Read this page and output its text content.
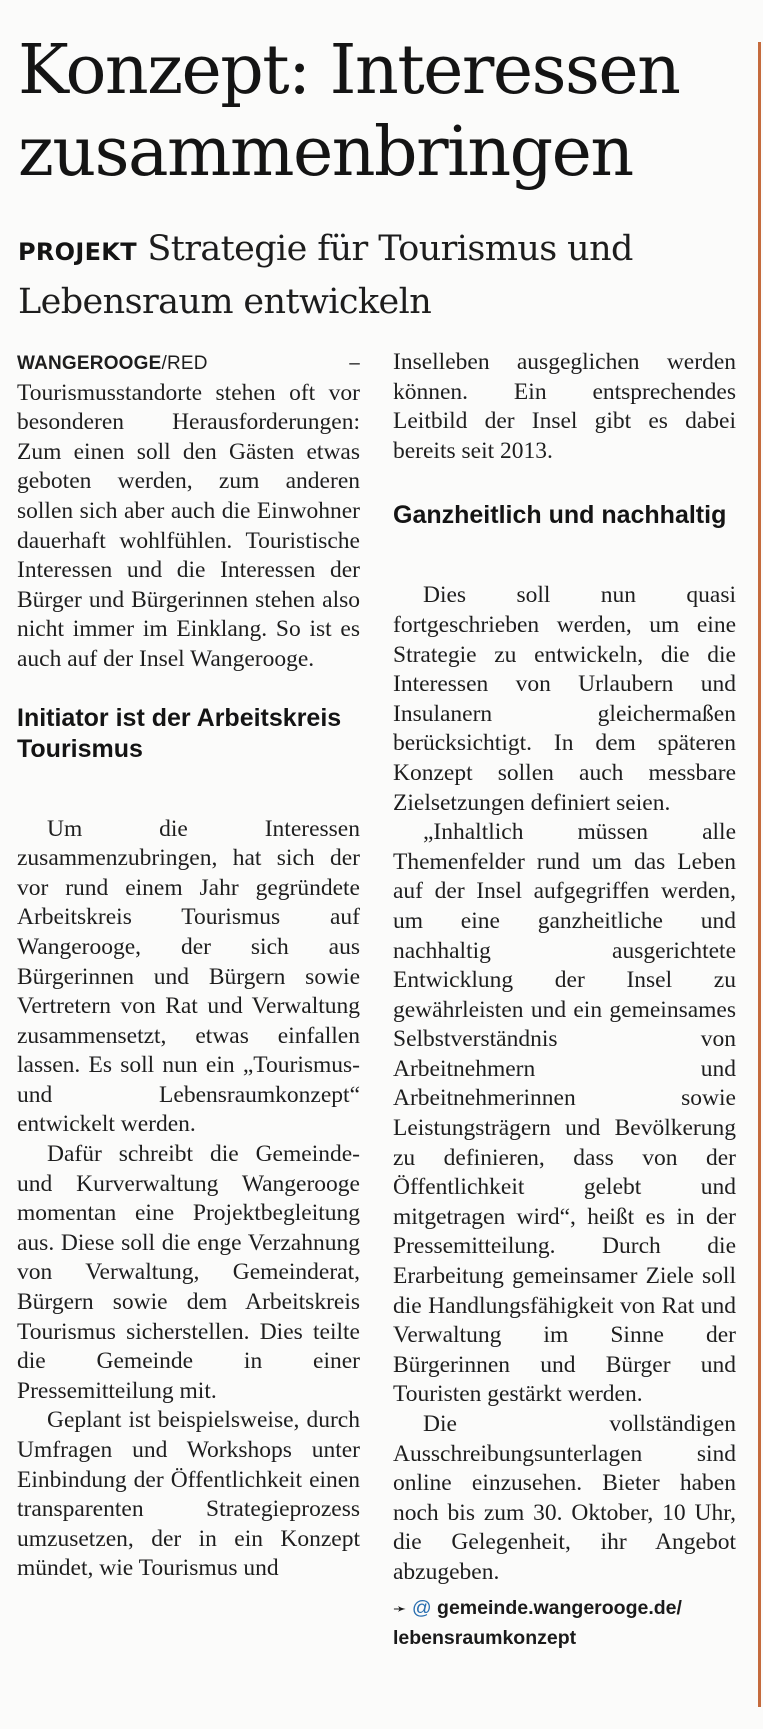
Konzept: Interessen
zusammenbringen
PROJEKT Strategie für Tourismus und Lebensraum entwickeln

WANGEROOGE/RED – Tourismusstandorte stehen oft vor besonderen Herausforderungen: Zum einen soll den Gästen etwas geboten werden, zum anderen sollen sich aber auch die Einwohner dauerhaft wohlfühlen. Touristische Interessen und die Interessen der Bürger und Bürgerinnen stehen also nicht immer im Einklang. So ist es auch auf der Insel Wangerooge.

Initiator ist der Arbeitskreis Tourismus

Um die Interessen zusammenzubringen, hat sich der vor rund einem Jahr gegründete Arbeitskreis Tourismus auf Wangerooge, der sich aus Bürgerinnen und Bürgern sowie Vertretern von Rat und Verwaltung zusammensetzt, etwas einfallen lassen. Es soll nun ein „Tourismus- und Lebensraumkonzept“ entwickelt werden.

Dafür schreibt die Gemeinde- und Kurverwaltung Wangerooge momentan eine Projektbegleitung aus. Diese soll die enge Verzahnung von Verwaltung, Gemeinderat, Bürgern sowie dem Arbeitskreis Tourismus sicherstellen. Dies teilte die Gemeinde in einer Pressemitteilung mit.

Geplant ist beispielsweise, durch Umfragen und Workshops unter Einbindung der Öffentlichkeit einen transparenten Strategieprozess umzusetzen, der in ein Konzept mündet, wie Tourismus und

Inselleben ausgeglichen werden können. Ein entsprechendes Leitbild der Insel gibt es dabei bereits seit 2013.

Ganzheitlich und nachhaltig

Dies soll nun quasi fortgeschrieben werden, um eine Strategie zu entwickeln, die die Interessen von Urlaubern und Insulanern gleichermaßen berücksichtigt. In dem späteren Konzept sollen auch messbare Zielsetzungen definiert seien.

„Inhaltlich müssen alle Themenfelder rund um das Leben auf der Insel aufgegriffen werden, um eine ganzheitliche und nachhaltig ausgerichtete Entwicklung der Insel zu gewährleisten und ein gemeinsames Selbstverständnis von Arbeitnehmern und Arbeitnehmerinnen sowie Leistungsträgern und Bevölkerung zu definieren, dass von der Öffentlichkeit gelebt und mitgetragen wird“, heißt es in der Pressemitteilung. Durch die Erarbeitung gemeinsamer Ziele soll die Handlungsfähigkeit von Rat und Verwaltung im Sinne der Bürgerinnen und Bürger und Touristen gestärkt werden.

Die vollständigen Ausschreibungsunterlagen sind online einzusehen. Bieter haben noch bis zum 30. Oktober, 10 Uhr, die Gelegenheit, ihr Angebot abzugeben.

➛ @ gemeinde.wangerooge.de/
lebensraumkonzept
